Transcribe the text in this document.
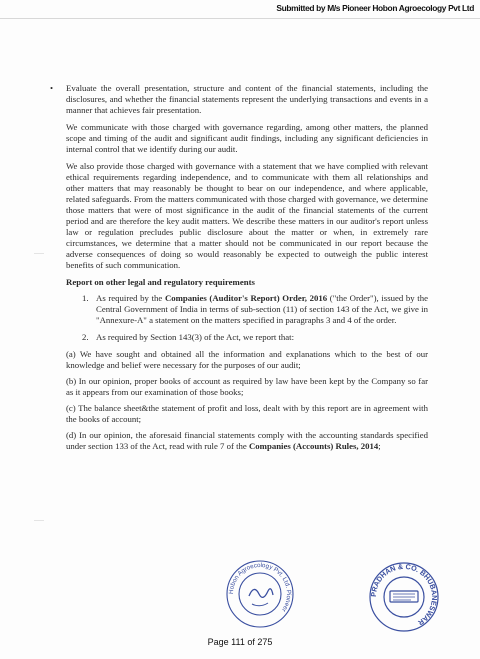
Submitted by M/s Pioneer Hobon Agroecology Pvt Ltd
• Evaluate the overall presentation, structure and content of the financial statements, including the disclosures, and whether the financial statements represent the underlying transactions and events in a manner that achieves fair presentation.

We communicate with those charged with governance regarding, among other matters, the planned scope and timing of the audit and significant audit findings, including any significant deficiencies in internal control that we identify during our audit.

We also provide those charged with governance with a statement that we have complied with relevant ethical requirements regarding independence, and to communicate with them all relationships and other matters that may reasonably be thought to bear on our independence, and where applicable, related safeguards. From the matters communicated with those charged with governance, we determine those matters that were of most significance in the audit of the financial statements of the current period and are therefore the key audit matters. We describe these matters in our auditor's report unless law or regulation precludes public disclosure about the matter or when, in extremely rare circumstances, we determine that a matter should not be communicated in our report because the adverse consequences of doing so would reasonably be expected to outweigh the public interest benefits of such communication.

Report on other legal and regulatory requirements

1. As required by the Companies (Auditor's Report) Order, 2016 ("the Order"), issued by the Central Government of India in terms of sub-section (11) of section 143 of the Act, we give in "Annexure-A" a statement on the matters specified in paragraphs 3 and 4 of the order.
2. As required by Section 143(3) of the Act, we report that:

(a) We have sought and obtained all the information and explanations which to the best of our knowledge and belief were necessary for the purposes of our audit;

(b) In our opinion, proper books of account as required by law have been kept by the Company so far as it appears from our examination of those books;

(c) The balance sheet&the statement of profit and loss, dealt with by this report are in agreement with the books of account;

(d) In our opinion, the aforesaid financial statements comply with the accounting standards specified under section 133 of the Act, read with rule 7 of the Companies (Accounts) Rules, 2014;

Hobon Agroecology Pvt. Ltd. Pioneer
PRADHAN & CO. BHUBANESWAR
Page 111 of 275
